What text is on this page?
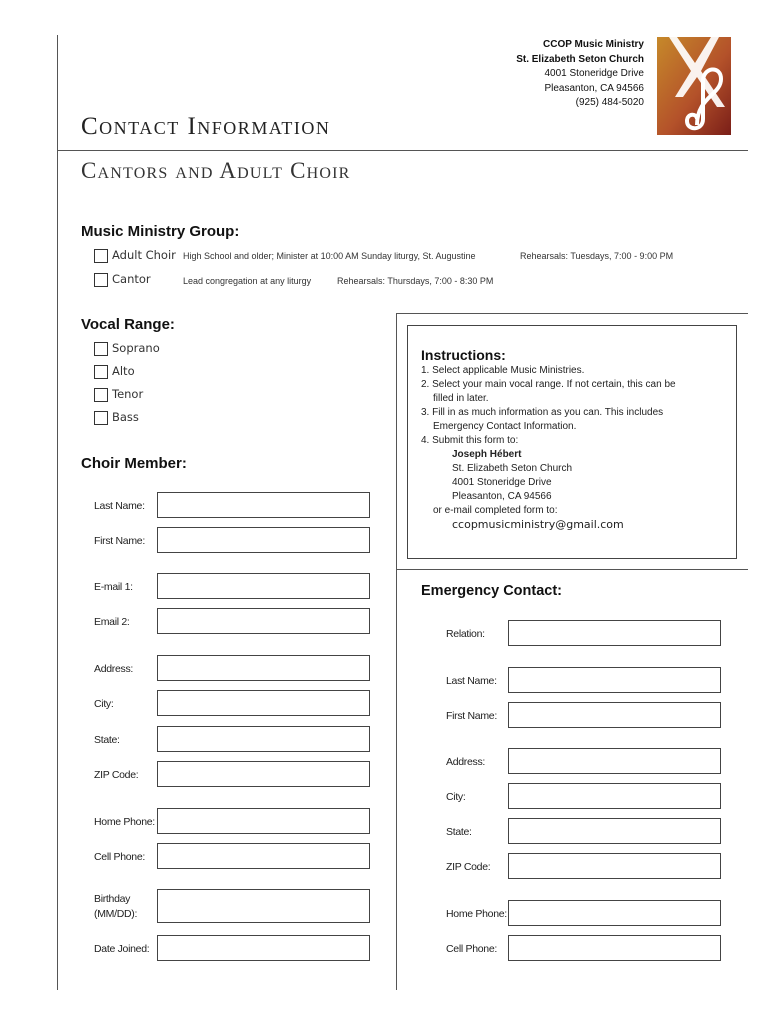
CCOP Music Ministry
St. Elizabeth Seton Church
4001 Stoneridge Drive
Pleasanton, CA 94566
(925) 484-5020
Contact Information
Cantors and Adult Choir
Music Ministry Group:
Adult Choir High School and older; Minister at 10:00 AM Sunday liturgy, St. Augustine	Rehearsals: Tuesdays, 7:00 - 9:00 PM
Cantor	Lead congregation at any liturgy	Rehearsals: Thursdays, 7:00 - 8:30 PM
Vocal Range:
Soprano
Alto
Tenor
Bass
Choir Member:
Last Name:
First Name:
E-mail 1:
Email 2:
Address:
City:
State:
ZIP Code:
Home Phone:
Cell Phone:
Birthday
(MM/DD):
Date Joined:
Instructions:
1. Select applicable Music Ministries.
2. Select your main vocal range. If not certain, this can be
filled in later.
3. Fill in as much information as you can. This includes
Emergency Contact Information.
4. Submit this form to:
Joseph Hébert
St. Elizabeth Seton Church
4001 Stoneridge Drive
Pleasanton, CA 94566
or e-mail completed form to:
ccopmusicministry@gmail.com
Emergency Contact:
Relation:
Last Name:
First Name:
Address:
City:
State:
ZIP Code:
Home Phone:
Cell Phone:
